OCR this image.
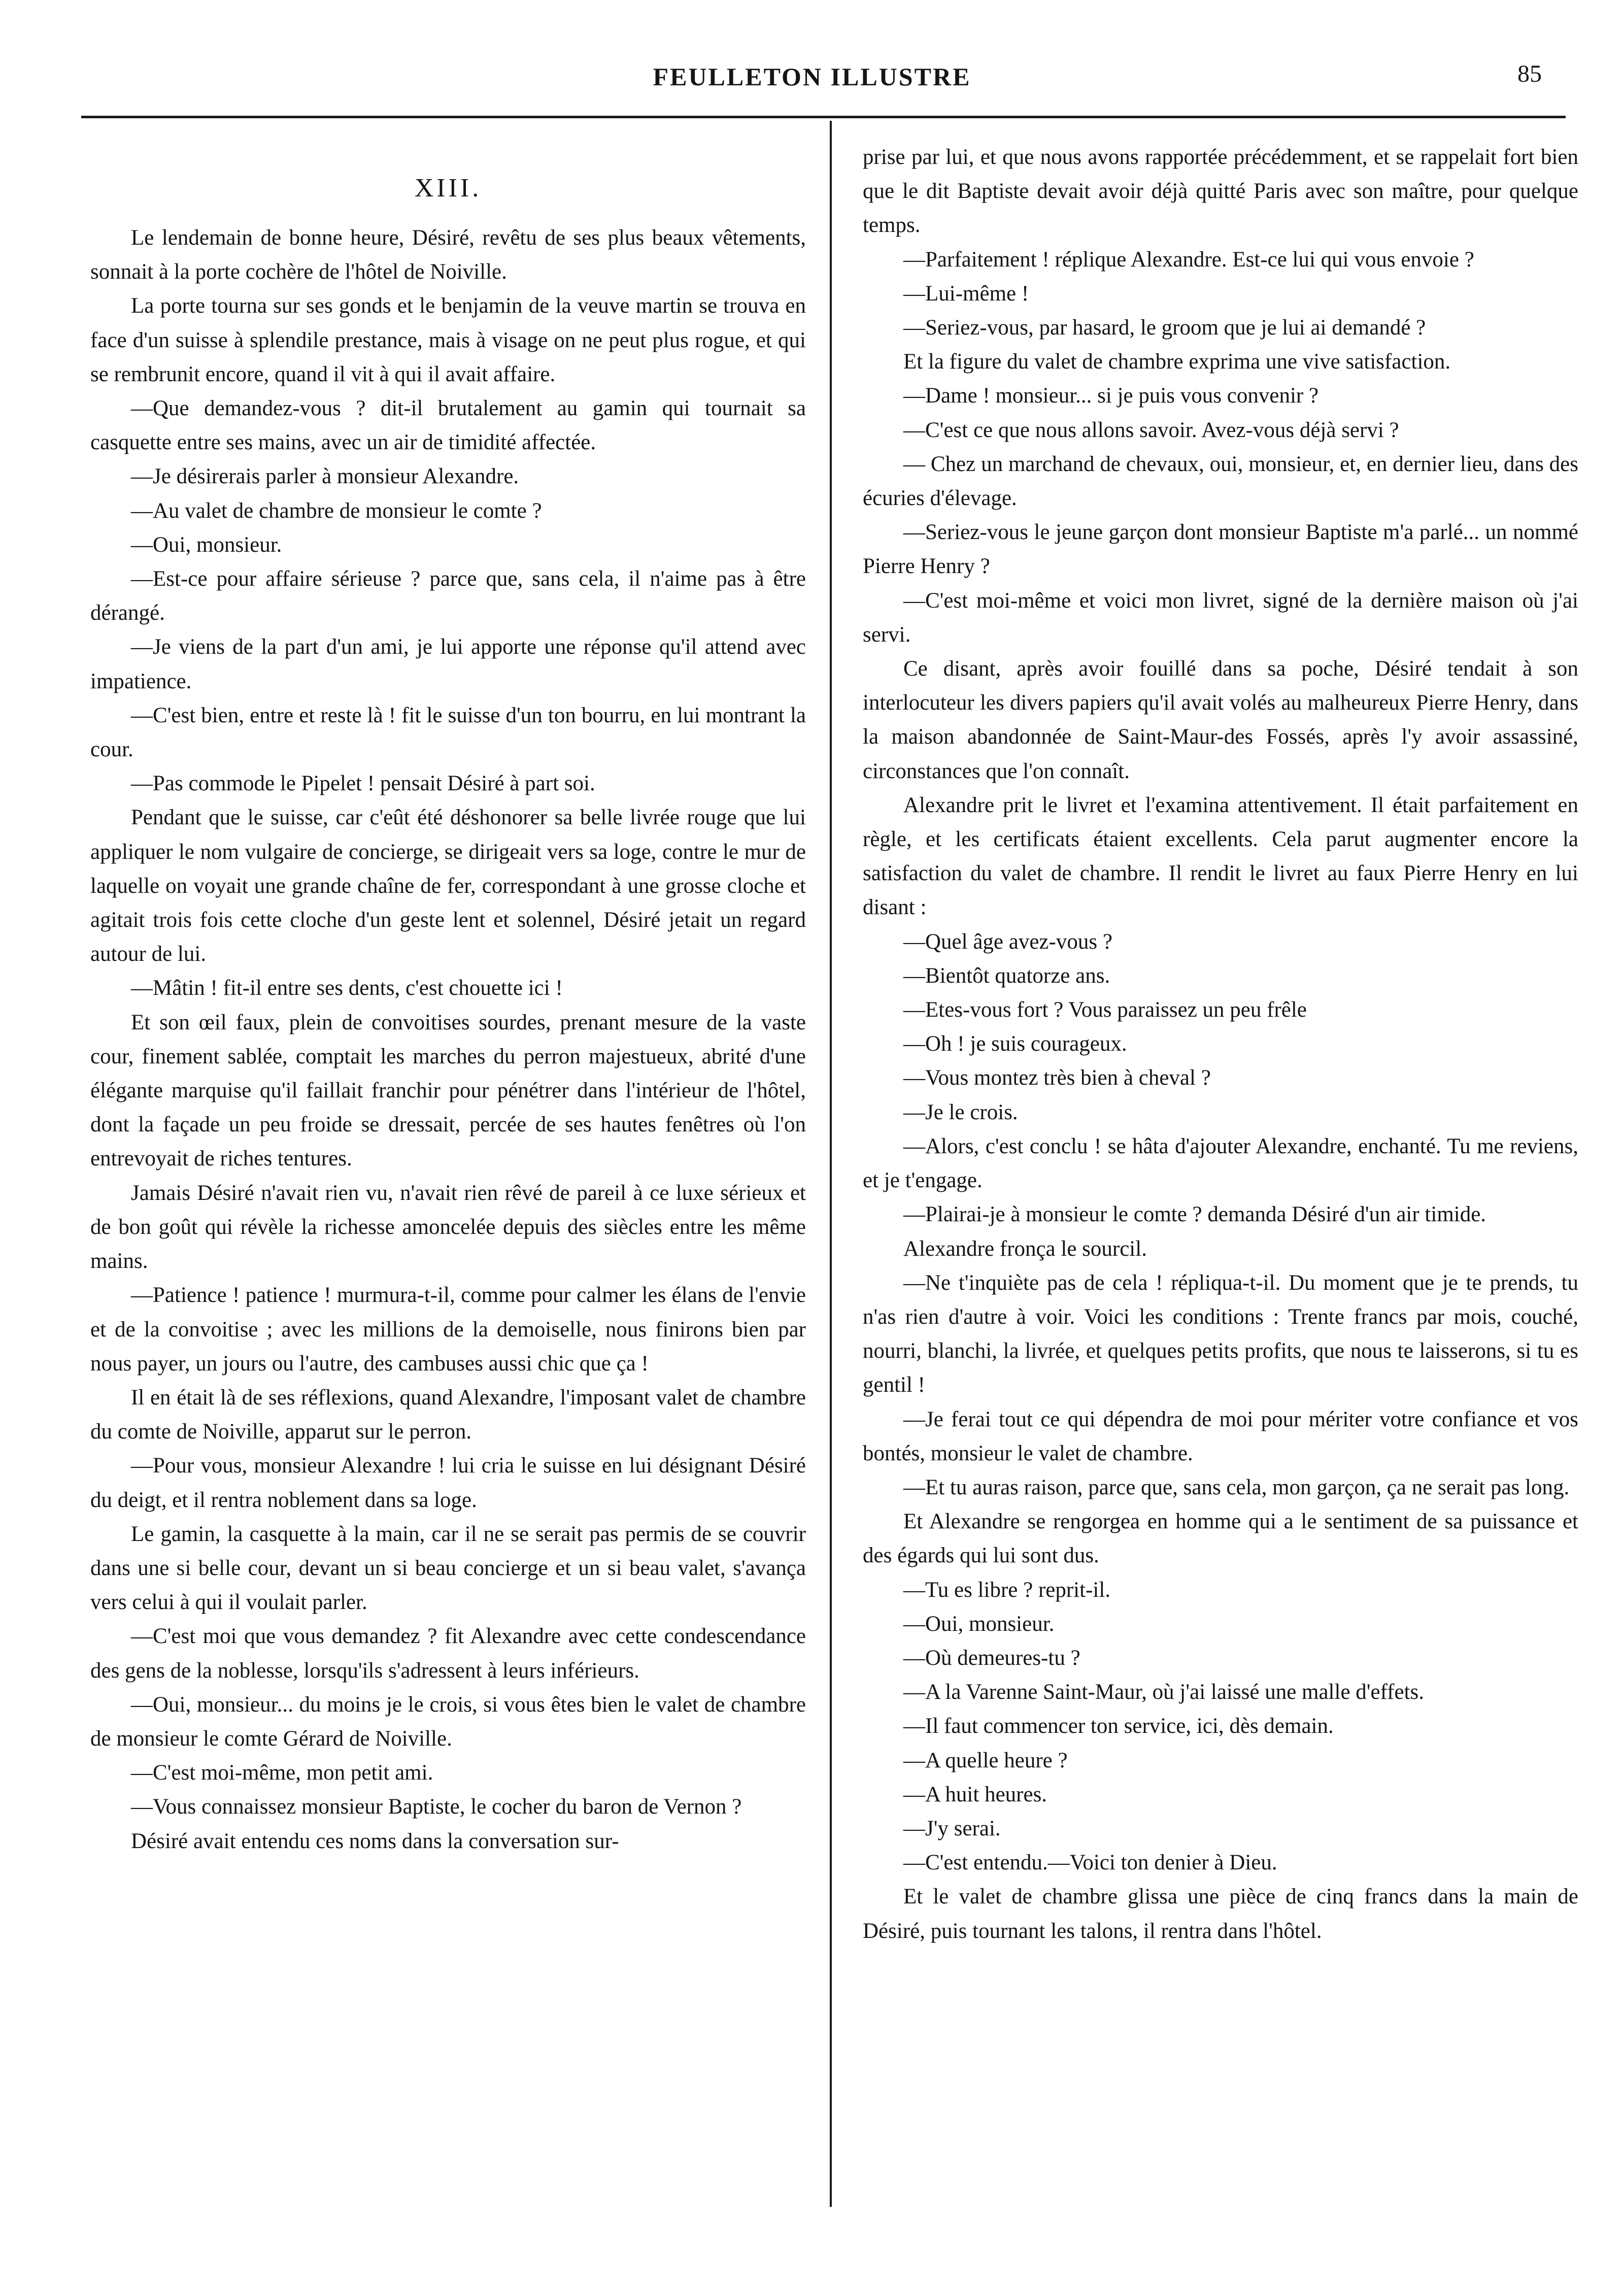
FEULLETON ILLUSTRE	85
XIII.

Le lendemain de bonne heure, Désiré, revêtu de ses plus beaux vêtements, sonnait à la porte cochère de l'hôtel de Noiville.

La porte tourna sur ses gonds et le benjamin de la veuve martin se trouva en face d'un suisse à splendile prestance, mais à visage on ne peut plus rogue, et qui se rembrunit encore, quand il vit à qui il avait affaire.

—Que demandez-vous ? dit-il brutalement au gamin qui tournait sa casquette entre ses mains, avec un air de timidité affectée.

—Je désirerais parler à monsieur Alexandre.

—Au valet de chambre de monsieur le comte ?

—Oui, monsieur.

—Est-ce pour affaire sérieuse ? parce que, sans cela, il n'aime pas à être dérangé.

—Je viens de la part d'un ami, je lui apporte une réponse qu'il attend avec impatience.

—C'est bien, entre et reste là ! fit le suisse d'un ton bourru, en lui montrant la cour.

—Pas commode le Pipelet ! pensait Désiré à part soi.

Pendant que le suisse, car c'eût été déshonorer sa belle livrée rouge que lui appliquer le nom vulgaire de concierge, se dirigeait vers sa loge, contre le mur de laquelle on voyait une grande chaîne de fer, correspondant à une grosse cloche et agitait trois fois cette cloche d'un geste lent et solennel, Désiré jetait un regard autour de lui.

—Mâtin ! fit-il entre ses dents, c'est chouette ici !

Et son œil faux, plein de convoitises sourdes, prenant mesure de la vaste cour, finement sablée, comptait les marches du perron majestueux, abrité d'une élégante marquise qu'il faillait franchir pour pénétrer dans l'intérieur de l'hôtel, dont la façade un peu froide se dressait, percée de ses hautes fenêtres où l'on entrevoyait de riches tentures.

Jamais Désiré n'avait rien vu, n'avait rien rêvé de pareil à ce luxe sérieux et de bon goût qui révèle la richesse amoncelée depuis des siècles entre les même mains.

—Patience ! patience ! murmura-t-il, comme pour calmer les élans de l'envie et de la convoitise ; avec les millions de la demoiselle, nous finirons bien par nous payer, un jours ou l'autre, des cambuses aussi chic que ça !

Il en était là de ses réflexions, quand Alexandre, l'imposant valet de chambre du comte de Noiville, apparut sur le perron.

—Pour vous, monsieur Alexandre ! lui cria le suisse en lui désignant Désiré du deigt, et il rentra noblement dans sa loge.

Le gamin, la casquette à la main, car il ne se serait pas permis de se couvrir dans une si belle cour, devant un si beau concierge et un si beau valet, s'avança vers celui à qui il voulait parler.

—C'est moi que vous demandez ? fit Alexandre avec cette condescendance des gens de la noblesse, lorsqu'ils s'adressent à leurs inférieurs.

—Oui, monsieur... du moins je le crois, si vous êtes bien le valet de chambre de monsieur le comte Gérard de Noiville.

—C'est moi-même, mon petit ami.

—Vous connaissez monsieur Baptiste, le cocher du baron de Vernon ?

Désiré avait entendu ces noms dans la conversation sur-

prise par lui, et que nous avons rapportée précédemment, et se rappelait fort bien que le dit Baptiste devait avoir déjà quitté Paris avec son maître, pour quelque temps.

—Parfaitement ! réplique Alexandre. Est-ce lui qui vous envoie ?

—Lui-même !

—Seriez-vous, par hasard, le groom que je lui ai demandé ?

Et la figure du valet de chambre exprima une vive satisfaction.

—Dame ! monsieur... si je puis vous convenir ?

—C'est ce que nous allons savoir. Avez-vous déjà servi ?

— Chez un marchand de chevaux, oui, monsieur, et, en dernier lieu, dans des écuries d'élevage.

—Seriez-vous le jeune garçon dont monsieur Baptiste m'a parlé... un nommé Pierre Henry ?

—C'est moi-même et voici mon livret, signé de la dernière maison où j'ai servi.

Ce disant, après avoir fouillé dans sa poche, Désiré tendait à son interlocuteur les divers papiers qu'il avait volés au malheureux Pierre Henry, dans la maison abandonnée de Saint-Maur-des Fossés, après l'y avoir assassiné, circonstances que l'on connaît.

Alexandre prit le livret et l'examina attentivement. Il était parfaitement en règle, et les certificats étaient excellents. Cela parut augmenter encore la satisfaction du valet de chambre. Il rendit le livret au faux Pierre Henry en lui disant :

—Quel âge avez-vous ?

—Bientôt quatorze ans.

—Etes-vous fort ? Vous paraissez un peu frêle

—Oh ! je suis courageux.

—Vous montez très bien à cheval ?

—Je le crois.

—Alors, c'est conclu ! se hâta d'ajouter Alexandre, enchanté. Tu me reviens, et je t'engage.

—Plairai-je à monsieur le comte ? demanda Désiré d'un air timide.

Alexandre fronça le sourcil.

—Ne t'inquiète pas de cela ! répliqua-t-il. Du moment que je te prends, tu n'as rien d'autre à voir. Voici les conditions : Trente francs par mois, couché, nourri, blanchi, la livrée, et quelques petits profits, que nous te laisserons, si tu es gentil !

—Je ferai tout ce qui dépendra de moi pour mériter votre confiance et vos bontés, monsieur le valet de chambre.

—Et tu auras raison, parce que, sans cela, mon garçon, ça ne serait pas long.

Et Alexandre se rengorgea en homme qui a le sentiment de sa puissance et des égards qui lui sont dus.

—Tu es libre ? reprit-il.

—Oui, monsieur.

—Où demeures-tu ?

—A la Varenne Saint-Maur, où j'ai laissé une malle d'effets.

—Il faut commencer ton service, ici, dès demain.

—A quelle heure ?

—A huit heures.

—J'y serai.

—C'est entendu.—Voici ton denier à Dieu.

Et le valet de chambre glissa une pièce de cinq francs dans la main de Désiré, puis tournant les talons, il rentra dans l'hôtel.
